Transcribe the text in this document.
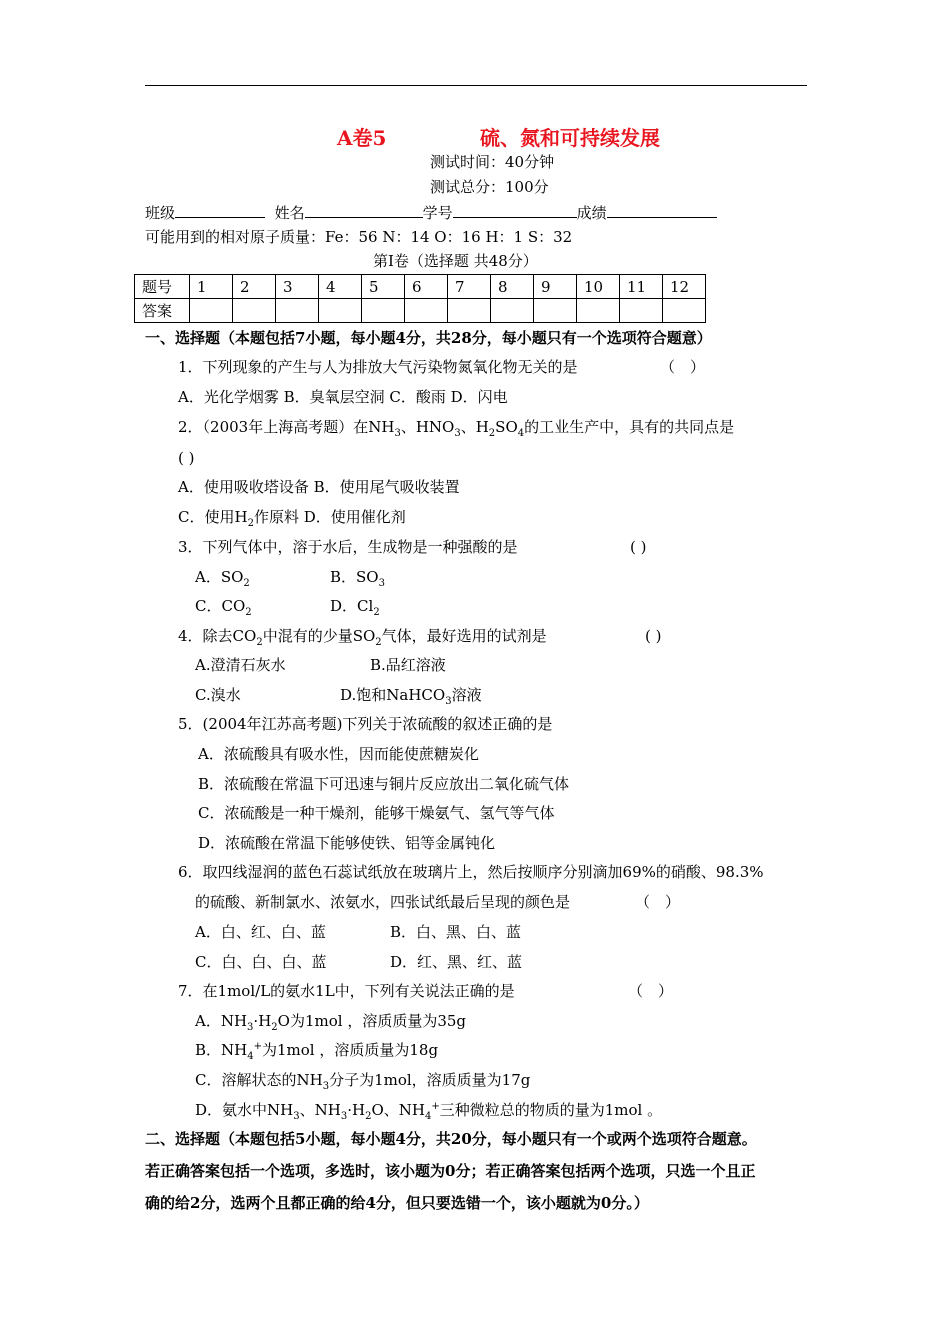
A卷5	硫、氮和可持续发展
测试时间：40分钟
测试总分：100分
班级	姓名	学号	成绩
可能用到的相对原子质量：Fe：56 N：14 O：16 H：1 S：32
第Ⅰ卷（选择题 共48分）
题号	1	2	3	4	5	6	7	8	9	10	11	12
答案												
一、选择题（本题包括7小题，每小题4分，共28分，每小题只有一个选项符合题意）
1．下列现象的产生与人为排放大气污染物氮氧化物无关的是	（　）
A．光化学烟雾 B．臭氧层空洞 C．酸雨 D．闪电
2．（2003年上海高考题）在$NH_3$、$HNO_3$、$H_2SO_4$的工业生产中，具有的共同点是
( )
A．使用吸收塔设备 B．使用尾气吸收装置
C．使用$H_2$作原料 D．使用催化剂
3．下列气体中，溶于水后，生成物是一种强酸的是	( )
A．$SO_2$	B．$SO_3$
C．$CO_2$	D．$Cl_2$
4．除去$CO_2$中混有的少量$SO_2$气体，最好选用的试剂是	( )
A.澄清石灰水	B.品红溶液
C.溴水	D.饱和NaHCO$_3$溶液
5．(2004年江苏高考题)下列关于浓硫酸的叙述正确的是
A．浓硫酸具有吸水性，因而能使蔗糖炭化
B．浓硫酸在常温下可迅速与铜片反应放出二氧化硫气体
C．浓硫酸是一种干燥剂，能够干燥氨气、氢气等气体
D．浓硫酸在常温下能够使铁、铝等金属钝化
6．取四线湿润的蓝色石蕊试纸放在玻璃片上，然后按顺序分别滴加69%的硝酸、98.3%
的硫酸、新制氯水、浓氨水，四张试纸最后呈现的颜色是	（　）
A．白、红、白、蓝	B．白、黑、白、蓝
C．白、白、白、蓝	D．红、黑、红、蓝
7．在1mol/L的氨水1L中，下列有关说法正确的是	（　）
A．$NH_3\cdot H_2O$为1mol ，溶质质量为35g
B．$NH_4^+$为1mol ，溶质质量为18g
C．溶解状态的$NH_3$分子为1mol，溶质质量为17g
D．氨水中$NH_3$、$NH_3\cdot H_2O$、$NH_4^+$三种微粒总的物质的量为1mol 。
二、选择题（本题包括5小题，每小题4分，共20分，每小题只有一个或两个选项符合题意。
若正确答案包括一个选项，多选时，该小题为0分；若正确答案包括两个选项，只选一个且正
确的给2分，选两个且都正确的给4分，但只要选错一个，该小题就为0分。）
